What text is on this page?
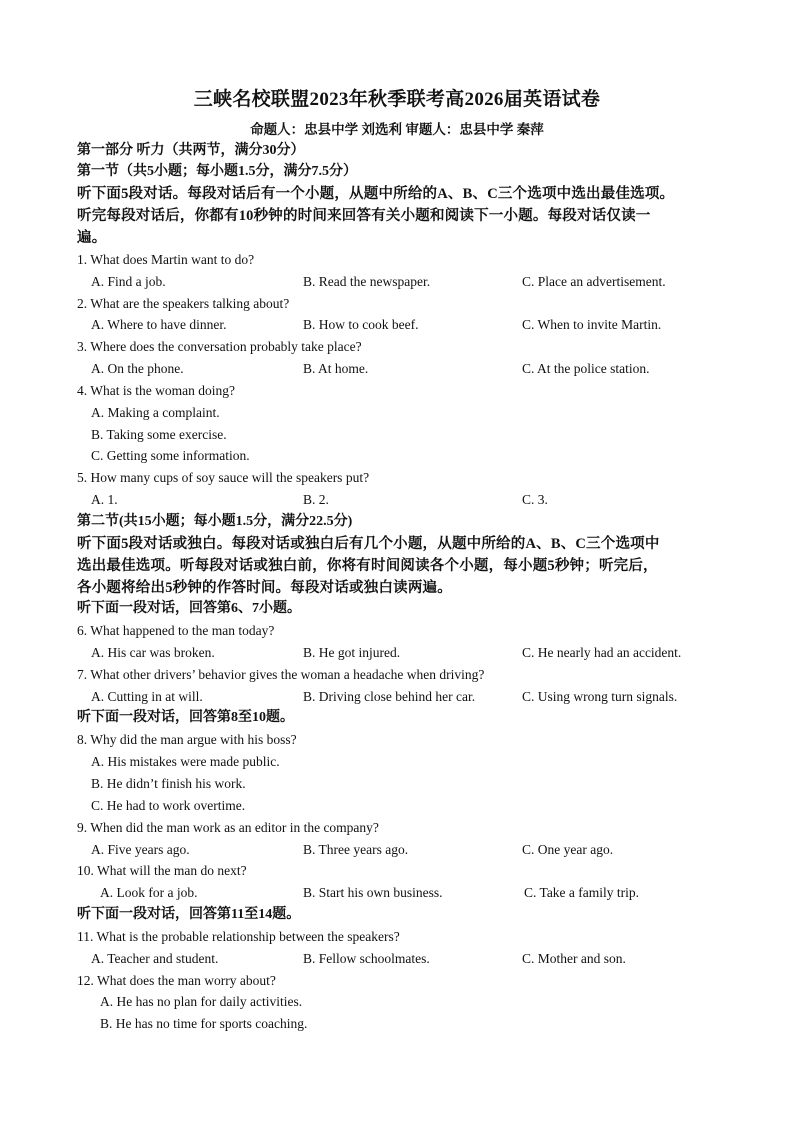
三峡名校联盟2023年秋季联考高2026届英语试卷
命题人：忠县中学 刘选利 审题人：忠县中学 秦萍
第一部分 听力（共两节，满分30分）
第一节（共5小题；每小题1.5分，满分7.5分）
听下面5段对话。每段对话后有一个小题，从题中所给的A、B、C三个选项中选出最佳选项。
听完每段对话后，你都有10秒钟的时间来回答有关小题和阅读下一小题。每段对话仅读一
遍。
1. What does Martin want to do?
A. Find a job.	B. Read the newspaper.	C. Place an advertisement.
2. What are the speakers talking about?
A. Where to have dinner.	B. How to cook beef.	C. When to invite Martin.
3. Where does the conversation probably take place?
A. On the phone.	B. At home.	C. At the police station.
4. What is the woman doing?
A. Making a complaint.
B. Taking some exercise.
C. Getting some information.
5. How many cups of soy sauce will the speakers put?
A. 1.	B. 2.	C. 3.
第二节(共15小题；每小题1.5分，满分22.5分)
听下面5段对话或独白。每段对话或独白后有几个小题，从题中所给的A、B、C三个选项中
选出最佳选项。听每段对话或独白前，你将有时间阅读各个小题，每小题5秒钟；听完后，
各小题将给出5秒钟的作答时间。每段对话或独白读两遍。
听下面一段对话，回答第6、7小题。
6. What happened to the man today?
A. His car was broken.	B. He got injured.	C. He nearly had an accident.
7. What other drivers’ behavior gives the woman a headache when driving?
A. Cutting in at will.	B. Driving close behind her car.	C. Using wrong turn signals.
听下面一段对话，回答第8至10题。
8. Why did the man argue with his boss?
A. His mistakes were made public.
B. He didn’t finish his work.
C. He had to work overtime.
9. When did the man work as an editor in the company?
A. Five years ago.	B. Three years ago.	C. One year ago.
10. What will the man do next?
A. Look for a job.	B. Start his own business.	C. Take a family trip.
听下面一段对话，回答第11至14题。
11. What is the probable relationship between the speakers?
A. Teacher and student.	B. Fellow schoolmates.	C. Mother and son.
12. What does the man worry about?
A. He has no plan for daily activities.
B. He has no time for sports coaching.
